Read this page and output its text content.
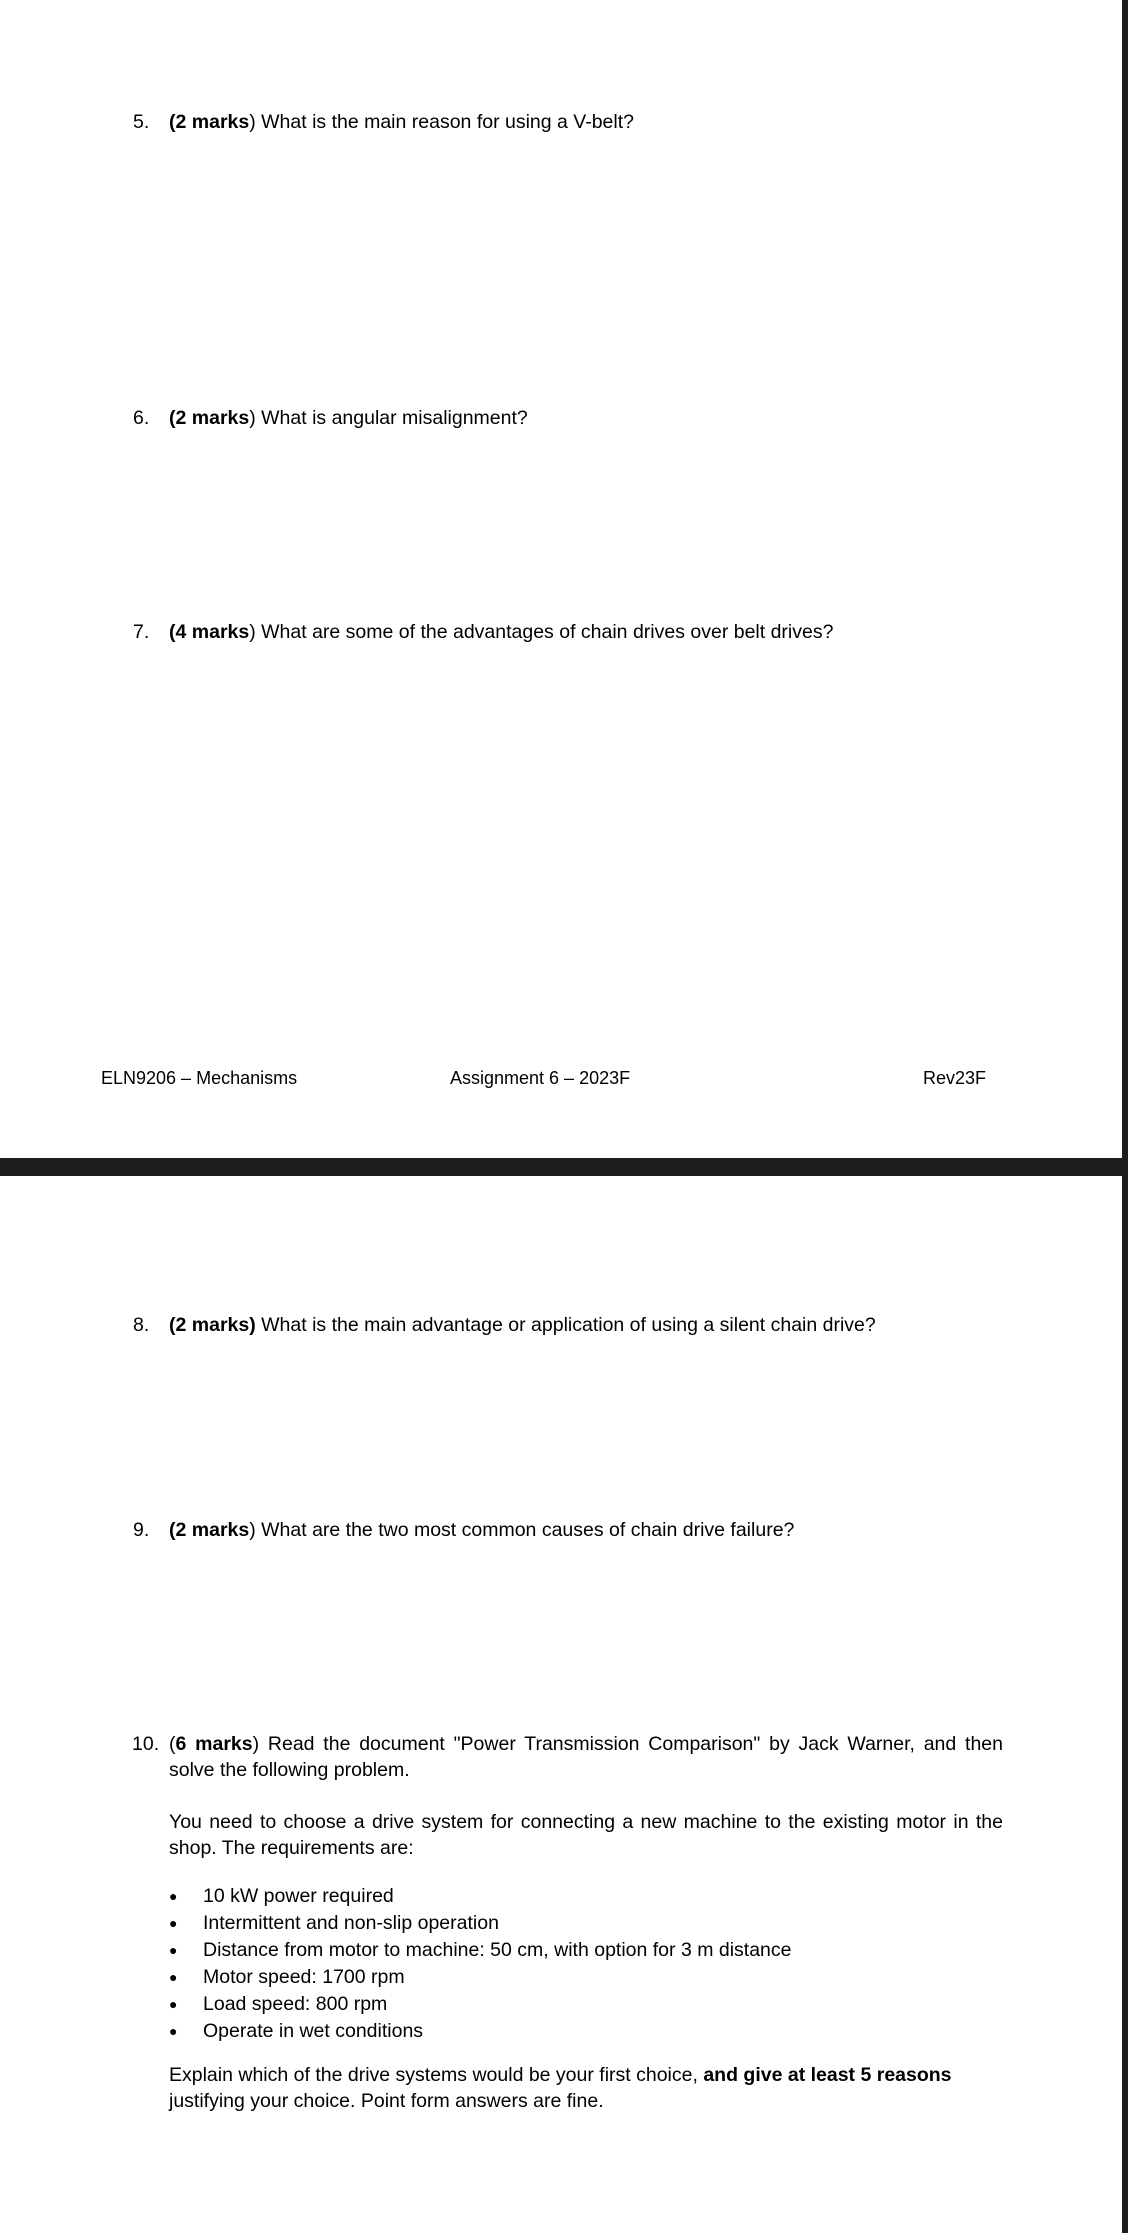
5. (2 marks) What is the main reason for using a V-belt?
6. (2 marks) What is angular misalignment?
7. (4 marks) What are some of the advantages of chain drives over belt drives?
ELN9206 – Mechanisms	Assignment 6 – 2023F	Rev23F
8. (2 marks) What is the main advantage or application of using a silent chain drive?
9. (2 marks) What are the two most common causes of chain drive failure?
10. (6 marks) Read the document "Power Transmission Comparison" by Jack Warner, and then solve the following problem.
You need to choose a drive system for connecting a new machine to the existing motor in the shop. The requirements are:
● 10 kW power required
● Intermittent and non-slip operation
● Distance from motor to machine: 50 cm, with option for 3 m distance
● Motor speed: 1700 rpm
● Load speed: 800 rpm
● Operate in wet conditions
Explain which of the drive systems would be your first choice, and give at least 5 reasons justifying your choice. Point form answers are fine.
